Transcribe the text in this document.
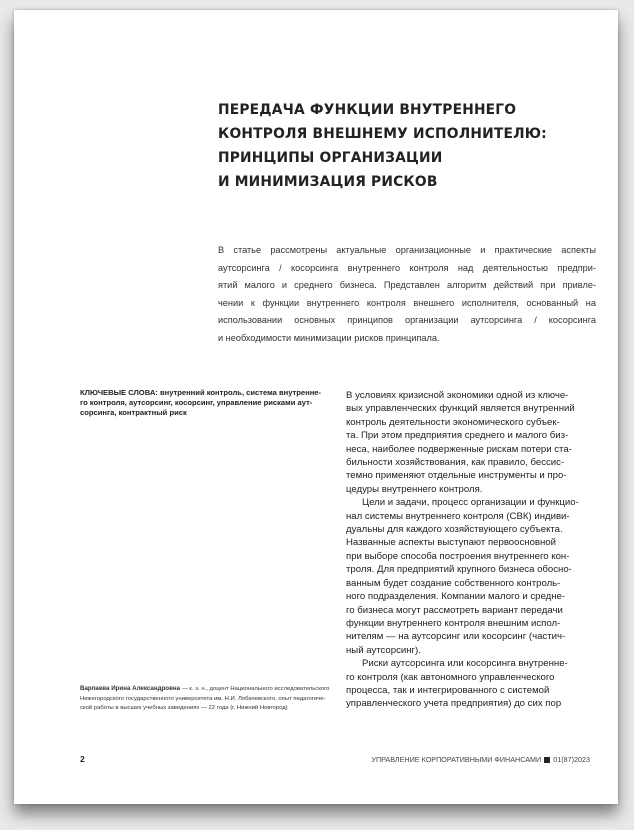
ПЕРЕДАЧА ФУНКЦИИ ВНУТРЕННЕГО
КОНТРОЛЯ ВНЕШНЕМУ ИСПОЛНИТЕЛЮ:
ПРИНЦИПЫ ОРГАНИЗАЦИИ
И МИНИМИЗАЦИЯ РИСКОВ
В статье рассмотрены актуальные организационные и практические аспекты
аутсорсинга / косорсинга внутреннего контроля над деятельностью предпри-
ятий малого и среднего бизнеса. Представлен алгоритм действий при привле-
чении к функции внутреннего контроля внешнего исполнителя, основанный на
использовании основных принципов организации аутсорсинга / косорсинга
и необходимости минимизации рисков принципала.
КЛЮЧЕВЫЕ СЛОВА: внутренний контроль, система внутренне-
го контроля, аутсорсинг, косорсинг, управление рисками аут-
сорсинга, контрактный риск
В условиях кризисной экономики одной из ключе-
вых управленческих функций является внутренний
контроль деятельности экономического субъек-
та. При этом предприятия среднего и малого биз-
неса, наиболее подверженные рискам потери ста-
бильности хозяйствования, как правило, бессис-
темно применяют отдельные инструменты и про-
цедуры внутреннего контроля.
Цели и задачи, процесс организации и функцио-
нал системы внутреннего контроля (СВК) индиви-
дуальны для каждого хозяйствующего субъекта.
Названные аспекты выступают первоосновной
при выборе способа построения внутреннего кон-
троля. Для предприятий крупного бизнеса обосно-
ванным будет создание собственного контроль-
ного подразделения. Компании малого и средне-
го бизнеса могут рассмотреть вариант передачи
функции внутреннего контроля внешним испол-
нителям — на аутсорсинг или косорсинг (частич-
ный аутсорсинг).
Риски аутсорсинга или косорсинга внутренне-
го контроля (как автономного управленческого
процесса, так и интегрированного с системой
управленческого учета предприятия) до сих пор
Варпаева Ирина Александровна — к. э. н., доцент Национального исследовательского
Нижегородского государственного университета им. Н.И. Лобачевского, опыт педагогиче-
ской работы в высших учебных заведениях — 22 года (г. Нижний Новгород)
2	УПРАВЛЕНИЕ КОРПОРАТИВНЫМИ ФИНАНСАМИ 01(87)2023
